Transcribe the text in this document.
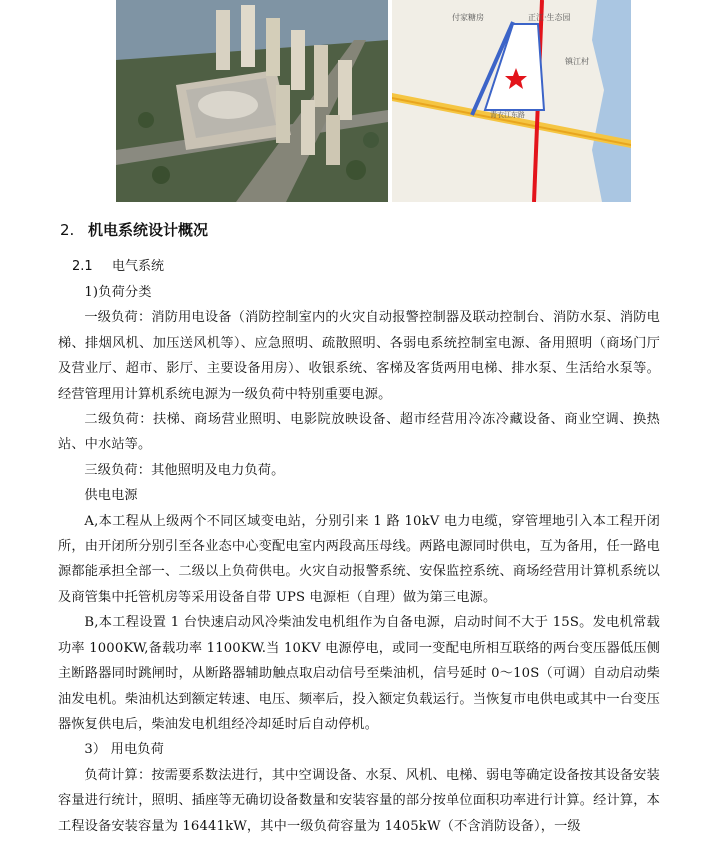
付家糖房	正江·生态园
镇江村
青衣江东路
2. 机电系统设计概况
2.1 电气系统

1)负荷分类

一级负荷：消防用电设备（消防控制室内的火灾自动报警控制器及联动控制台、消防水泵、消防电梯、排烟风机、加压送风机等）、应急照明、疏散照明、各弱电系统控制室电源、备用照明（商场门厅及营业厅、超市、影厅、主要设备用房）、收银系统、客梯及客货两用电梯、排水泵、生活给水泵等。经营管理用计算机系统电源为一级负荷中特别重要电源。

二级负荷：扶梯、商场营业照明、电影院放映设备、超市经营用冷冻冷藏设备、商业空调、换热站、中水站等。

三级负荷：其他照明及电力负荷。

供电电源

A,本工程从上级两个不同区域变电站，分别引来 1 路 10kV 电力电缆，穿管埋地引入本工程开闭所，由开闭所分别引至各业态中心变配电室内两段高压母线。两路电源同时供电，互为备用，任一路电源都能承担全部一、二级以上负荷供电。火灾自动报警系统、安保监控系统、商场经营用计算机系统以及商管集中托管机房等采用设备自带 UPS 电源柜（自理）做为第三电源。

B,本工程设置 1 台快速启动风冷柴油发电机组作为自备电源，启动时间不大于 15S。发电机常载功率 1000KW,备载功率 1100KW.当 10KV 电源停电，或同一变配电所相互联络的两台变压器低压侧主断路器同时跳闸时，从断路器辅助触点取启动信号至柴油机，信号延时 0～10S（可调）自动启动柴油发电机。柴油机达到额定转速、电压、频率后，投入额定负载运行。当恢复市电供电或其中一台变压器恢复供电后，柴油发电机组经冷却延时后自动停机。

3） 用电负荷

负荷计算：按需要系数法进行，其中空调设备、水泵、风机、电梯、弱电等确定设备按其设备安装容量进行统计，照明、插座等无确切设备数量和安装容量的部分按单位面积功率进行计算。经计算，本工程设备安装容量为 16441kW，其中一级负荷容量为 1405kW（不含消防设备），一级
